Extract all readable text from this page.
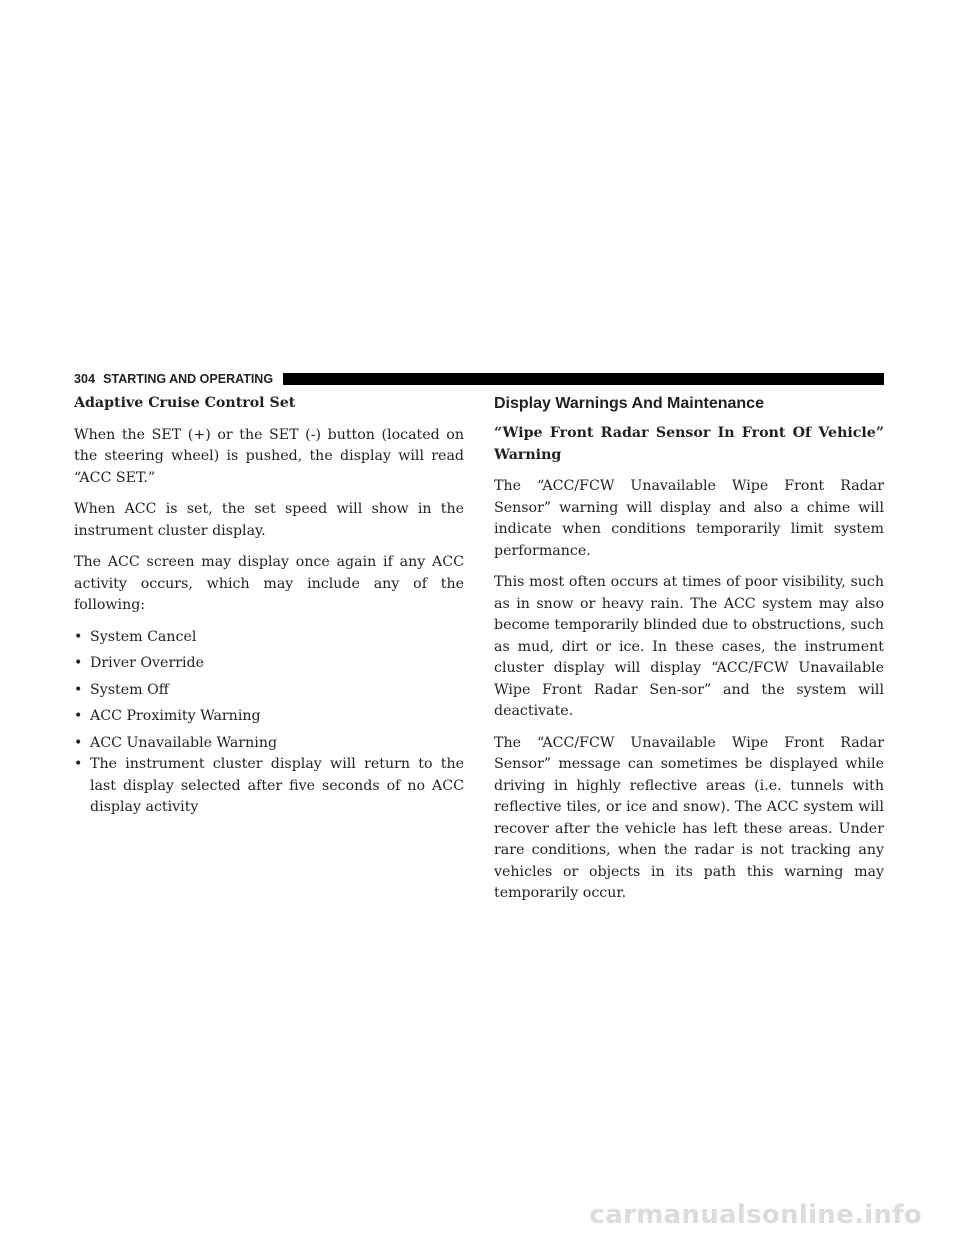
304 STARTING AND OPERATING

Adaptive Cruise Control Set

When the SET (+) or the SET (-) button (located on the steering wheel) is pushed, the display will read “ACC SET.”

When ACC is set, the set speed will show in the instrument cluster display.

The ACC screen may display once again if any ACC activity occurs, which may include any of the following:

• System Cancel
• Driver Override
• System Off
• ACC Proximity Warning
• ACC Unavailable Warning
• The instrument cluster display will return to the last display selected after five seconds of no ACC display activity
Display Warnings And Maintenance

“Wipe Front Radar Sensor In Front Of Vehicle” Warning

The “ACC/FCW Unavailable Wipe Front Radar Sensor” warning will display and also a chime will indicate when conditions temporarily limit system performance.

This most often occurs at times of poor visibility, such as in snow or heavy rain. The ACC system may also become temporarily blinded due to obstructions, such as mud, dirt or ice. In these cases, the instrument cluster display will display “ACC/FCW Unavailable Wipe Front Radar Sen-sor” and the system will deactivate.

The “ACC/FCW Unavailable Wipe Front Radar Sensor” message can sometimes be displayed while driving in highly reflective areas (i.e. tunnels with reflective tiles, or ice and snow). The ACC system will recover after the vehicle has left these areas. Under rare conditions, when the radar is not tracking any vehicles or objects in its path this warning may temporarily occur.

carmanualsonline.info
